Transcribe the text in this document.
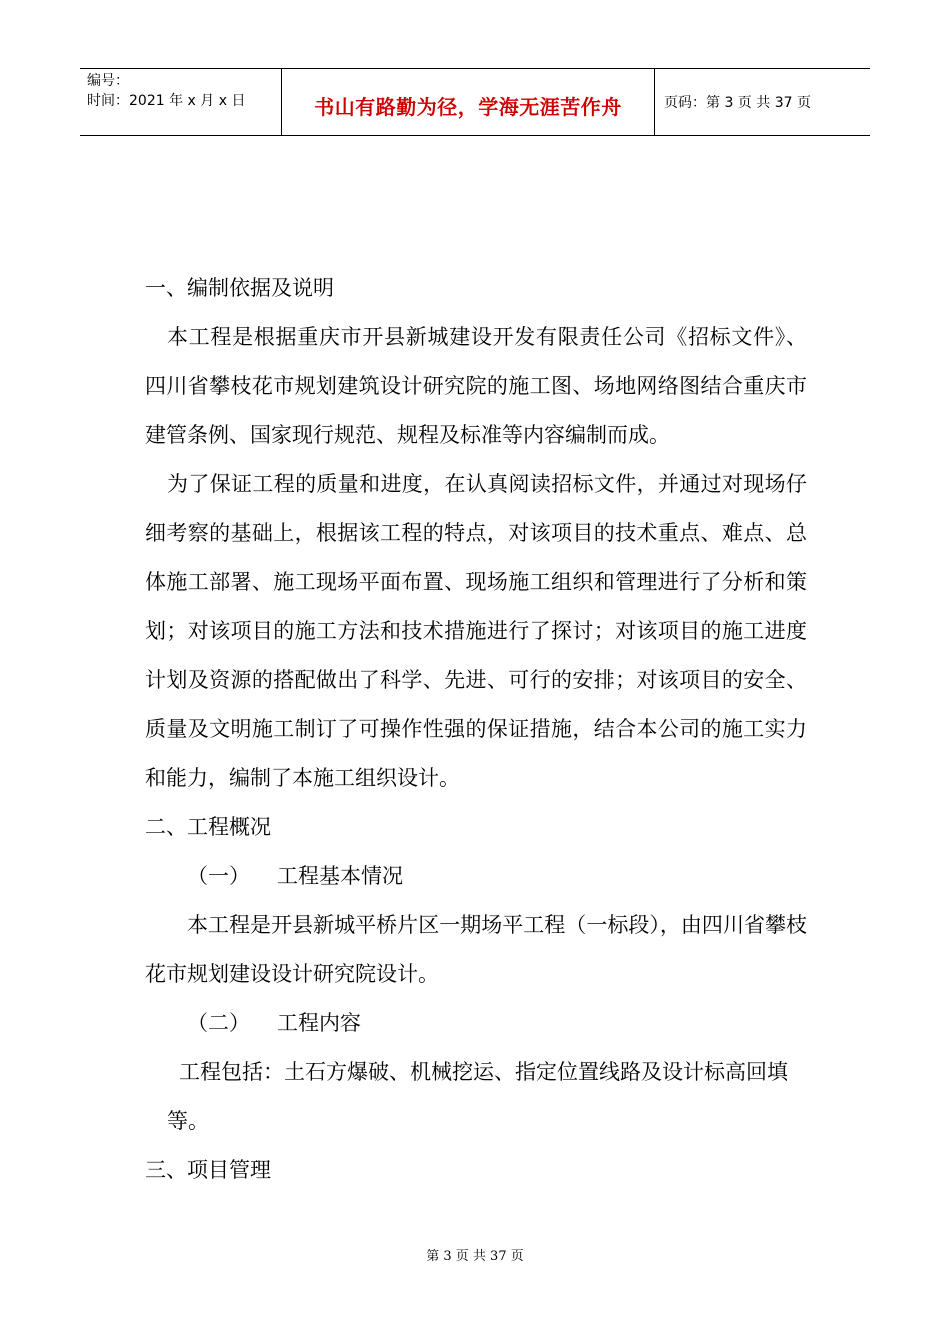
编号：
时间：2021 年 x 月 x 日	书山有路勤为径，学海无涯苦作舟	页码：第 3 页 共 37 页

一、编制依据及说明

本工程是根据重庆市开县新城建设开发有限责任公司《招标文件》、四川省攀枝花市规划建筑设计研究院的施工图、场地网络图结合重庆市建管条例、国家现行规范、规程及标准等内容编制而成。

为了保证工程的质量和进度，在认真阅读招标文件，并通过对现场仔细考察的基础上，根据该工程的特点，对该项目的技术重点、难点、总体施工部署、施工现场平面布置、现场施工组织和管理进行了分析和策划；对该项目的施工方法和技术措施进行了探讨；对该项目的施工进度计划及资源的搭配做出了科学、先进、可行的安排；对该项目的安全、质量及文明施工制订了可操作性强的保证措施，结合本公司的施工实力和能力，编制了本施工组织设计。

二、工程概况

（一） 工程基本情况

本工程是开县新城平桥片区一期场平工程（一标段），由四川省攀枝花市规划建设设计研究院设计。

（二） 工程内容

工程包括：土石方爆破、机械挖运、指定位置线路及设计标高回填等。

三、项目管理

第 3 页 共 37 页
